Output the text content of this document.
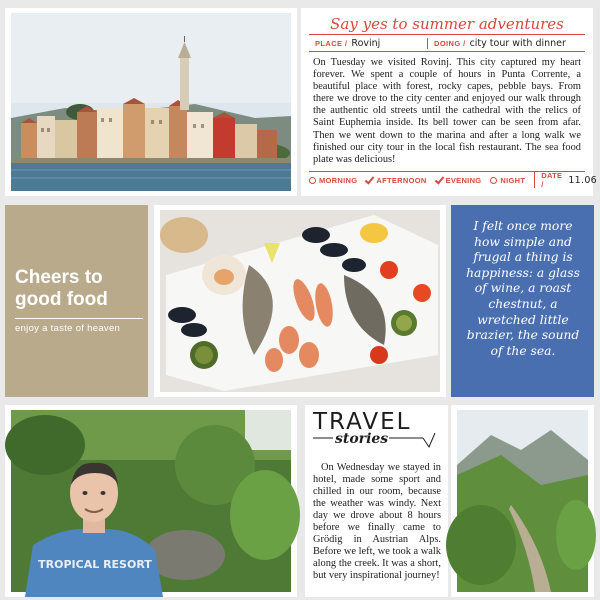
Say yes to summer adventures
PLACE / Rovinj	DOING / city tour with dinner
On Tuesday we visited Rovinj. This city captured my heart forever. We spent a couple of hours in Punta Corrente, a beautiful place with forest, rocky capes, pebble bays. From there we drove to the city center and enjoyed our walk through the authentic old streets until the cathedral with the relics of Saint Euphemia inside. Its bell tower can be seen from afar. Then we went down to the marina and after a long walk we finished our city tour in the local fish restaurant. The sea food plate was delicious!
MORNING	AFTERNOON	EVENING	NIGHT DATE /	11.06
Cheers to good food
enjoy a taste of heaven
I felt once more how simple and frugal a thing is happiness: a glass of wine, a roast chestnut, a wretched little brazier, the sound of the sea.
TROPICAL RESORT
TRAVEL
stories
On Wednesday we stayed in hotel, made some sport and chilled in our room, because the weather was windy. Next day we drove about 8 hours before we finally came to Grödig in Austrian Alps. Before we left, we took a walk along the creek. It was a short, but very inspirational journey!
